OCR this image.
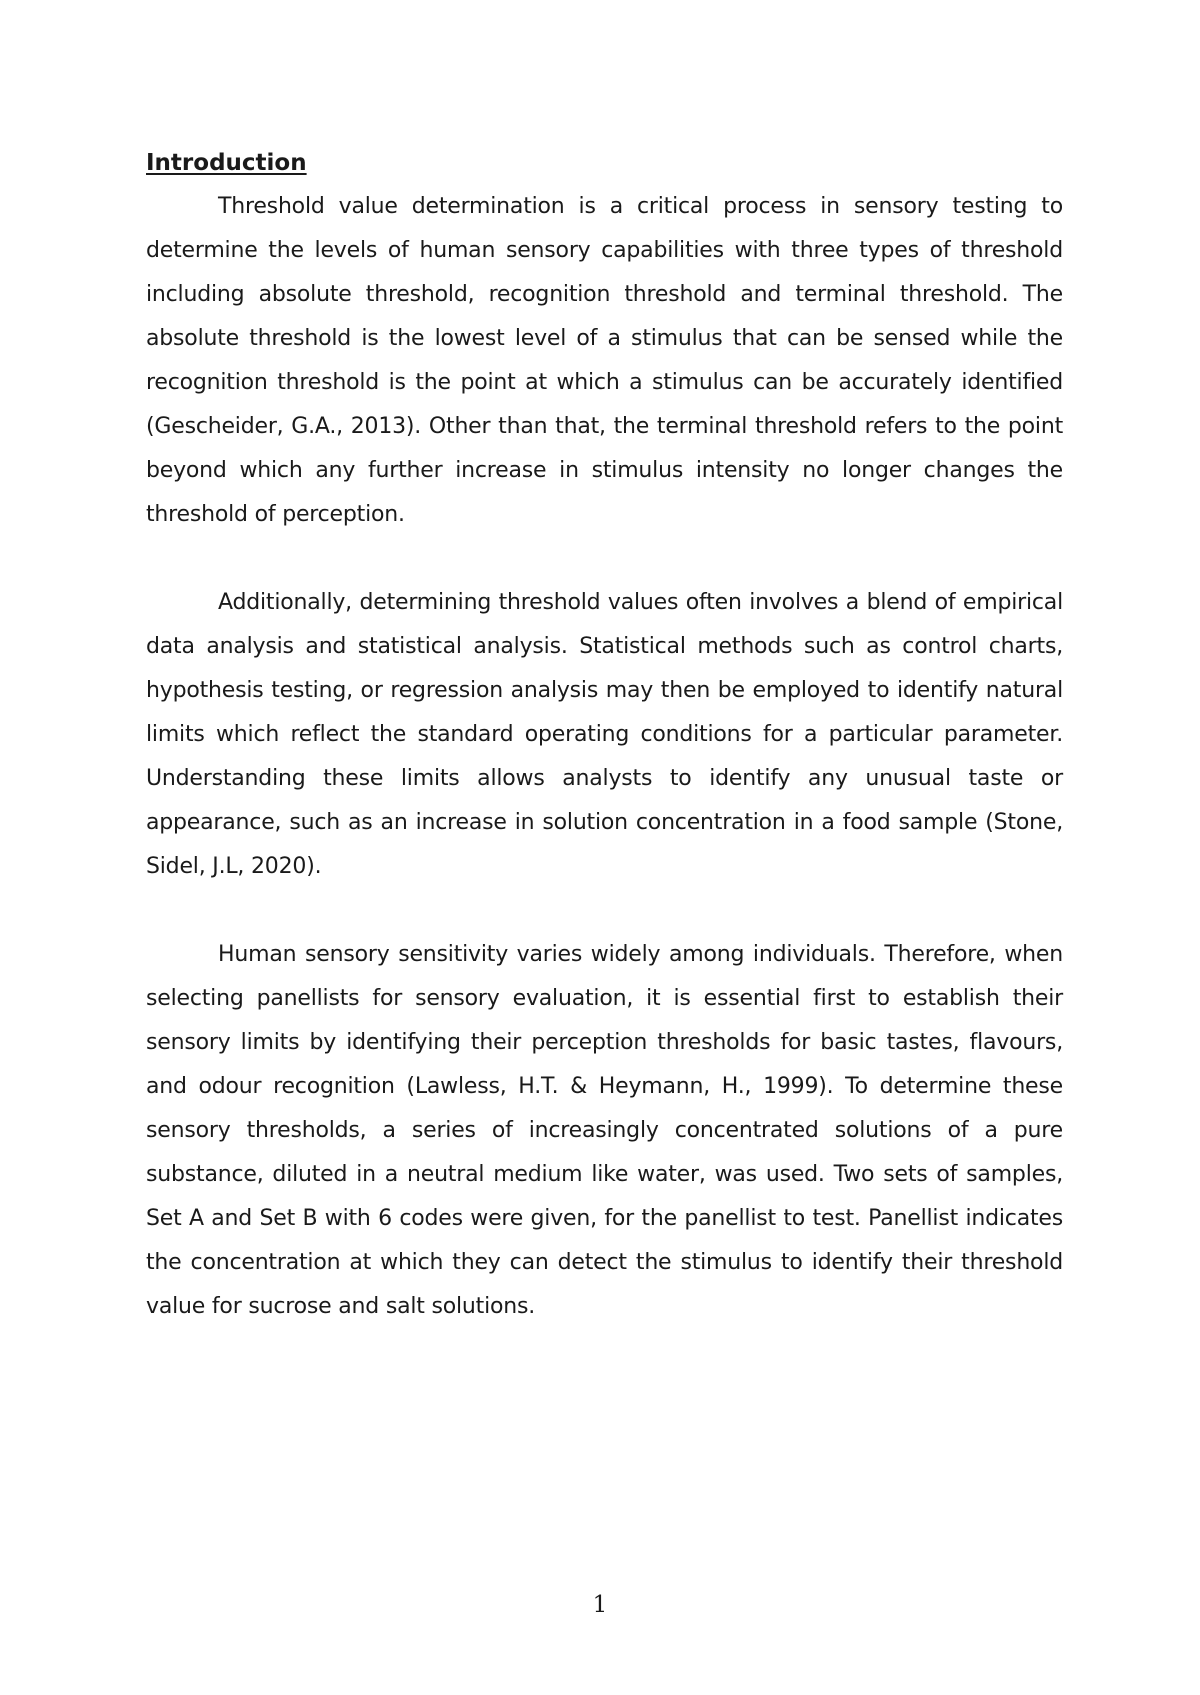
Introduction

Threshold value determination is a critical process in sensory testing to determine the levels of human sensory capabilities with three types of threshold including absolute threshold, recognition threshold and terminal threshold. The absolute threshold is the lowest level of a stimulus that can be sensed while the recognition threshold is the point at which a stimulus can be accurately identified (Gescheider, G.A., 2013). Other than that, the terminal threshold refers to the point beyond which any further increase in stimulus intensity no longer changes the threshold of perception.

Additionally, determining threshold values often involves a blend of empirical data analysis and statistical analysis. Statistical methods such as control charts, hypothesis testing, or regression analysis may then be employed to identify natural limits which reflect the standard operating conditions for a particular parameter. Understanding these limits allows analysts to identify any unusual taste or appearance, such as an increase in solution concentration in a food sample (Stone, Sidel, J.L, 2020).

Human sensory sensitivity varies widely among individuals. Therefore, when selecting panellists for sensory evaluation, it is essential first to establish their sensory limits by identifying their perception thresholds for basic tastes, flavours, and odour recognition (Lawless, H.T. & Heymann, H., 1999). To determine these sensory thresholds, a series of increasingly concentrated solutions of a pure substance, diluted in a neutral medium like water, was used. Two sets of samples, Set A and Set B with 6 codes were given, for the panellist to test. Panellist indicates the concentration at which they can detect the stimulus to identify their threshold value for sucrose and salt solutions.

1
